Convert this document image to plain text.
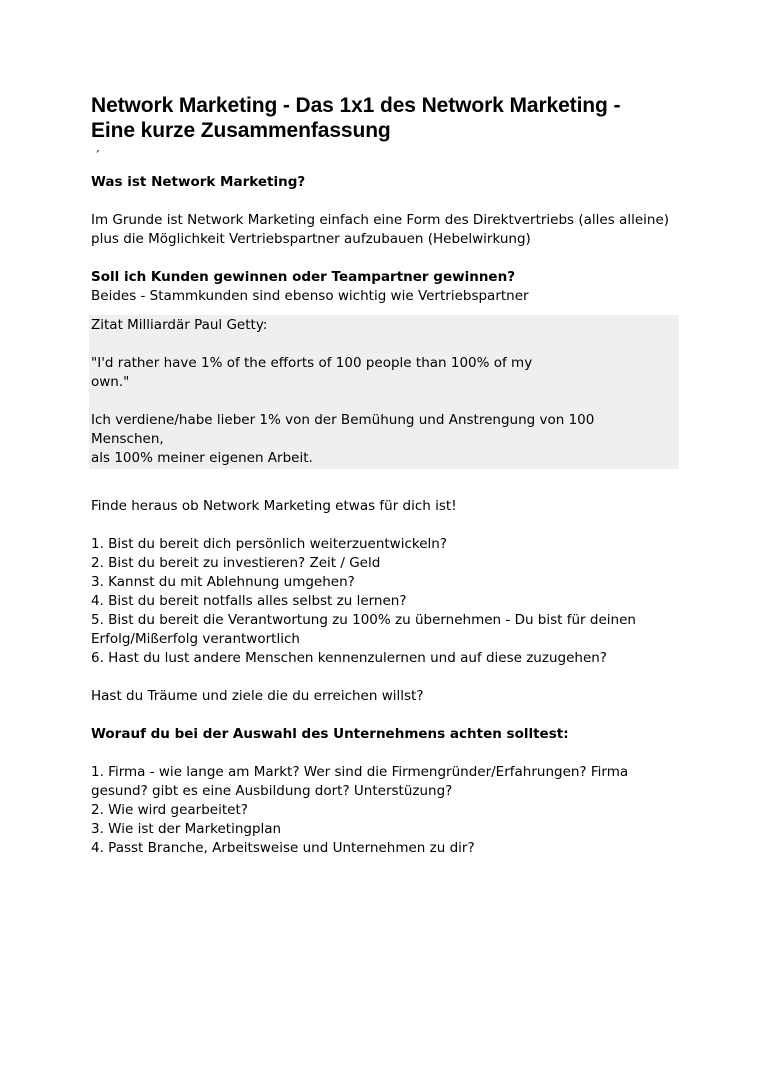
Network Marketing - Das 1x1 des Network Marketing -
Eine kurze Zusammenfassung
´

Was ist Network Marketing?

Im Grunde ist Network Marketing einfach eine Form des Direktvertriebs (alles alleine)

plus die Möglichkeit Vertriebspartner aufzubauen (Hebelwirkung)

Soll ich Kunden gewinnen oder Teampartner gewinnen?

Beides - Stammkunden sind ebenso wichtig wie Vertriebspartner

Zitat Milliardär Paul Getty:

"I'd rather have 1% of the efforts of 100 people than 100% of my

own."

Ich verdiene/habe lieber 1% von der Bemühung und Anstrengung von 100

Menschen,

als 100% meiner eigenen Arbeit.

Finde heraus ob Network Marketing etwas für dich ist!

1. Bist du bereit dich persönlich weiterzuentwickeln?
2. Bist du bereit zu investieren? Zeit / Geld
3. Kannst du mit Ablehnung umgehen?
4. Bist du bereit notfalls alles selbst zu lernen?
5. Bist du bereit die Verantwortung zu 100% zu übernehmen - Du bist für deinen
Erfolg/Mißerfolg verantwortlich
6. Hast du lust andere Menschen kennenzulernen und auf diese zuzugehen?

Hast du Träume und ziele die du erreichen willst?

Worauf du bei der Auswahl des Unternehmens achten solltest:

1. Firma - wie lange am Markt? Wer sind die Firmengründer/Erfahrungen? Firma
gesund? gibt es eine Ausbildung dort? Unterstüzung?
2. Wie wird gearbeitet?
3. Wie ist der Marketingplan
4. Passt Branche, Arbeitsweise und Unternehmen zu dir?
